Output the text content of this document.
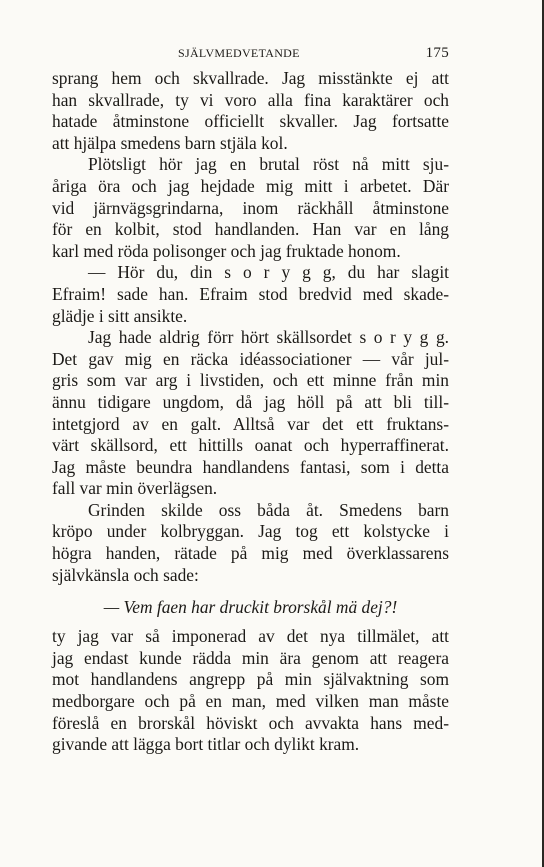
SJÄLVMEDVETANDE	175
sprang hem och skvallrade. Jag misstänkte ej att
han skvallrade, ty vi voro alla fina karaktärer och
hatade åtminstone officiellt skvaller. Jag fortsatte
att hjälpa smedens barn stjäla kol.
Plötsligt hör jag en brutal röst nå mitt sju-
åriga öra och jag hejdade mig mitt i arbetet. Där
vid järnvägsgrindarna, inom räckhåll åtminstone
för en kolbit, stod handlanden. Han var en lång
karl med röda polisonger och jag fruktade honom.
— Hör du, din s o r y g g, du har slagit
Efraim! sade han. Efraim stod bredvid med skade-
glädje i sitt ansikte.
Jag hade aldrig förr hört skällsordet s o r y g g.
Det gav mig en räcka idéassociationer — vår jul-
gris som var arg i livstiden, och ett minne från min
ännu tidigare ungdom, då jag höll på att bli till-
intetgjord av en galt. Alltså var det ett fruktans-
värt skällsord, ett hittills oanat och hyperraffinerat.
Jag måste beundra handlandens fantasi, som i detta
fall var min överlägsen.
Grinden skilde oss båda åt. Smedens barn
kröpo under kolbryggan. Jag tog ett kolstycke i
högra handen, rätade på mig med överklassarens
självkänsla och sade:
— Vem faen har druckit brorskål mä dej?!
ty jag var så imponerad av det nya tillmälet, att
jag endast kunde rädda min ära genom att reagera
mot handlandens angrepp på min självaktning som
medborgare och på en man, med vilken man måste
föreslå en brorskål höviskt och avvakta hans med-
givande att lägga bort titlar och dylikt kram.
